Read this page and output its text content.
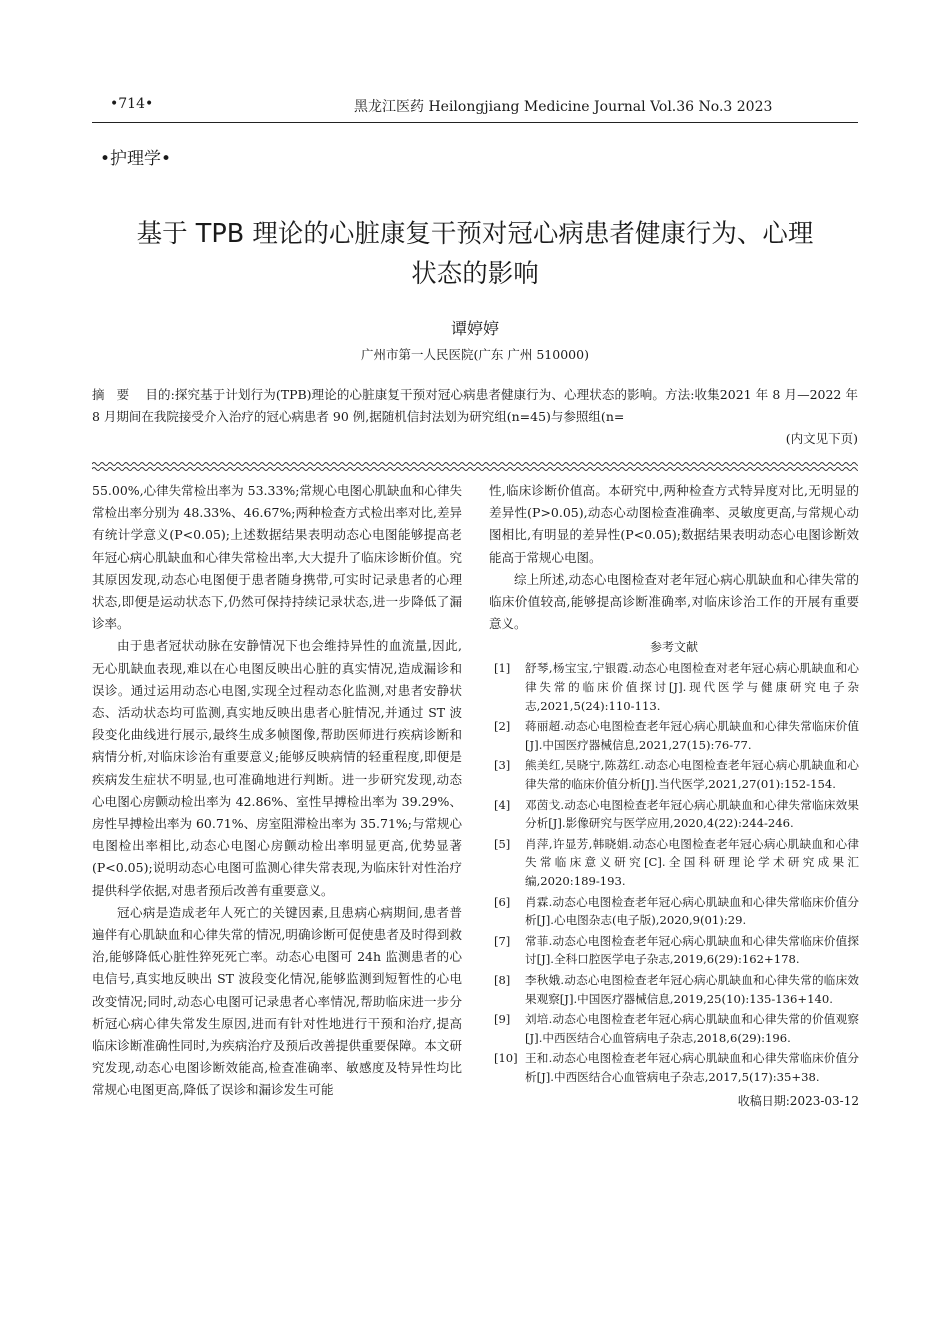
•714•	黑龙江医药 Heilongjiang Medicine Journal Vol.36 No.3 2023
•护理学•
基于 TPB 理论的心脏康复干预对冠心病患者健康行为、心理
状态的影响
谭婷婷
广州市第一人民医院(广东 广州 510000)

摘要 目的:探究基于计划行为(TPB)理论的心脏康复干预对冠心病患者健康行为、心理状态的影响。方法:收集2021 年 8 月—2022 年 8 月期间在我院接受介入治疗的冠心病患者 90 例,据随机信封法划为研究组(n=45)与参照组(n=

(内文见下页)

55.00%,心律失常检出率为 53.33%;常规心电图心肌缺血和心律失常检出率分别为 48.33%、46.67%;两种检查方式检出率对比,差异有统计学意义(P<0.05);上述数据结果表明动态心电图能够提高老年冠心病心肌缺血和心律失常检出率,大大提升了临床诊断价值。究其原因发现,动态心电图便于患者随身携带,可实时记录患者的心理状态,即便是运动状态下,仍然可保持持续记录状态,进一步降低了漏诊率。

由于患者冠状动脉在安静情况下也会维持异性的血流量,因此,无心肌缺血表现,难以在心电图反映出心脏的真实情况,造成漏诊和误诊。通过运用动态心电图,实现全过程动态化监测,对患者安静状态、活动状态均可监测,真实地反映出患者心脏情况,并通过 ST 波段变化曲线进行展示,最终生成多帧图像,帮助医师进行疾病诊断和病情分析,对临床诊治有重要意义;能够反映病情的轻重程度,即便是疾病发生症状不明显,也可准确地进行判断。进一步研究发现,动态心电图心房颤动检出率为 42.86%、室性早搏检出率为 39.29%、房性早搏检出率为 60.71%、房室阻滞检出率为 35.71%;与常规心电图检出率相比,动态心电图心房颤动检出率明显更高,优势显著(P<0.05);说明动态心电图可监测心律失常表现,为临床针对性治疗提供科学依据,对患者预后改善有重要意义。

冠心病是造成老年人死亡的关键因素,且患病心病期间,患者普遍伴有心肌缺血和心律失常的情况,明确诊断可促使患者及时得到救治,能够降低心脏性猝死死亡率。动态心电图可 24h 监测患者的心电信号,真实地反映出 ST 波段变化情况,能够监测到短暂性的心电改变情况;同时,动态心电图可记录患者心率情况,帮助临床进一步分析冠心病心律失常发生原因,进而有针对性地进行干预和治疗,提高临床诊断准确性同时,为疾病治疗及预后改善提供重要保障。本文研究发现,动态心电图诊断效能高,检查准确率、敏感度及特异性均比常规心电图更高,降低了误诊和漏诊发生可能

性,临床诊断价值高。本研究中,两种检查方式特异度对比,无明显的差异性(P>0.05),动态心动图检查准确率、灵敏度更高,与常规心动图相比,有明显的差异性(P<0.05);数据结果表明动态心电图诊断效能高于常规心电图。

综上所述,动态心电图检查对老年冠心病心肌缺血和心律失常的临床价值较高,能够提高诊断准确率,对临床诊治工作的开展有重要意义。

参考文献
[1] 舒琴,杨宝宝,宁银霞.动态心电图检查对老年冠心病心肌缺血和心律失常的临床价值探讨[J].现代医学与健康研究电子杂志,2021,5(24):110-113.
[2] 蒋丽超.动态心电图检查老年冠心病心肌缺血和心律失常临床价值[J].中国医疗器械信息,2021,27(15):76-77.
[3] 熊美红,吴晓宁,陈荔红.动态心电图检查老年冠心病心肌缺血和心律失常的临床价值分析[J].当代医学,2021,27(01):152-154.
[4] 邓茵戈.动态心电图检查老年冠心病心肌缺血和心律失常临床效果分析[J].影像研究与医学应用,2020,4(22):244-246.
[5] 肖萍,许显芳,韩晓娟.动态心电图检查老年冠心病心肌缺血和心律失常临床意义研究[C].全国科研理论学术研究成果汇编,2020:189-193.
[6] 肖霖.动态心电图检查老年冠心病心肌缺血和心律失常临床价值分析[J].心电图杂志(电子版),2020,9(01):29.
[7] 常菲.动态心电图检查老年冠心病心肌缺血和心律失常临床价值探讨[J].全科口腔医学电子杂志,2019,6(29):162+178.
[8] 李秋娥.动态心电图检查老年冠心病心肌缺血和心律失常的临床效果观察[J].中国医疗器械信息,2019,25(10):135-136+140.
[9] 刘培.动态心电图检查老年冠心病心肌缺血和心律失常的价值观察[J].中西医结合心血管病电子杂志,2018,6(29):196.
[10] 王和.动态心电图检查老年冠心病心肌缺血和心律失常临床价值分析[J].中西医结合心血管病电子杂志,2017,5(17):35+38.
收稿日期:2023-03-12
